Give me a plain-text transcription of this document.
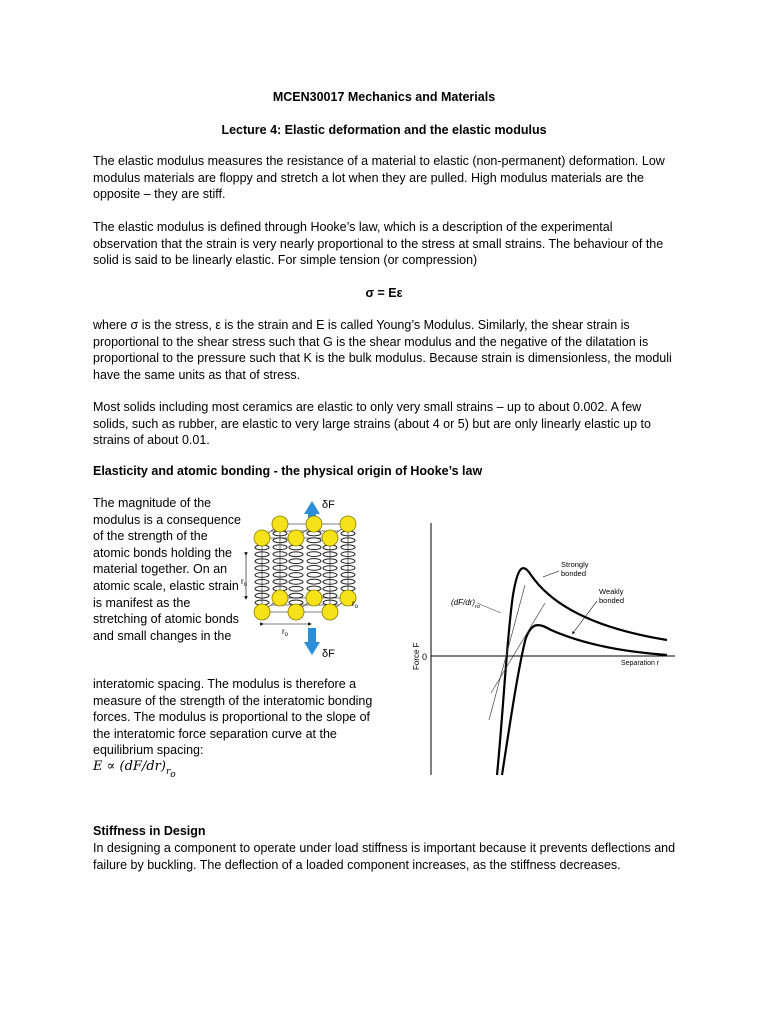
MCEN30017 Mechanics and Materials
Lecture 4: Elastic deformation and the elastic modulus

The elastic modulus measures the resistance of a material to elastic (non-permanent) deformation. Low modulus materials are floppy and stretch a lot when they are pulled. High modulus materials are the opposite – they are stiff.

The elastic modulus is defined through Hooke’s law, which is a description of the experimental observation that the strain is very nearly proportional to the stress at small strains. The behaviour of the solid is said to be linearly elastic. For simple tension (or compression)

σ = Eε

where σ is the stress, ε is the strain and E is called Young’s Modulus. Similarly, the shear strain is proportional to the shear stress such that G is the shear modulus and the negative of the dilatation is proportional to the pressure such that K is the bulk modulus. Because strain is dimensionless, the moduli have the same units as that of stress.

Most solids including most ceramics are elastic to only very small strains – up to about 0.002. A few solids, such as rubber, are elastic to very large strains (about 4 or 5) but are only linearly elastic up to strains of about 0.01.

Elasticity and atomic bonding - the physical origin of Hooke’s law

The magnitude of the modulus is a consequence of the strength of the atomic bonds holding the material together. On an atomic scale, elastic strain is manifest as the stretching of atomic bonds and small changes in the

interatomic spacing. The modulus is therefore a measure of the strength of the interatomic bonding forces. The modulus is proportional to the slope of the interatomic force separation curve at the equilibrium spacing:

$E \propto (dF/dr)_{r_o}$
δF
δF
$r_o$
$r_o$
$r_o$
0
Force F	Separation r
Strongly
bonded
Weakly
bonded
$(dF/dr)_{ro}$
Stiffness in Design

In designing a component to operate under load stiffness is important because it prevents deflections and failure by buckling. The deflection of a loaded component increases, as the stiffness decreases.
